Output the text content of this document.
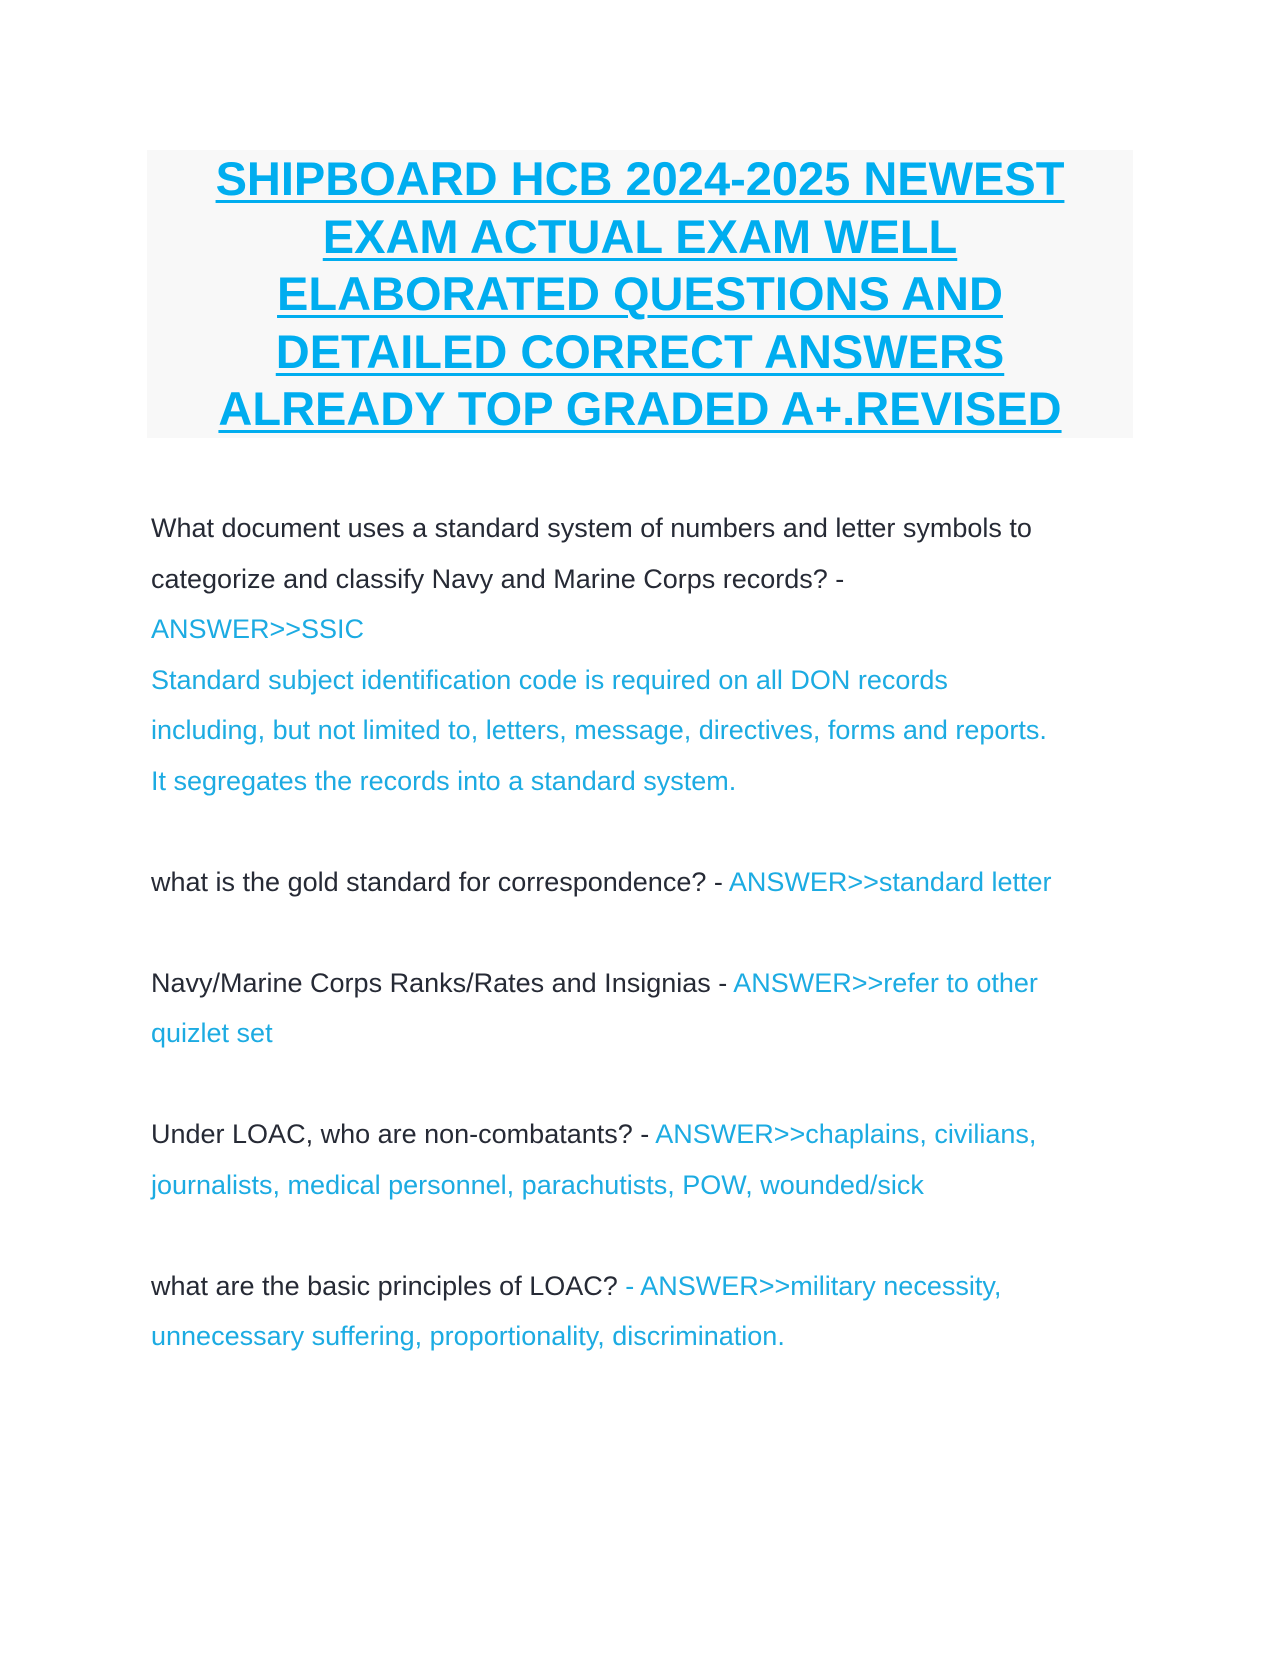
SHIPBOARD HCB 2024-2025 NEWEST
EXAM ACTUAL EXAM WELL
ELABORATED QUESTIONS AND
DETAILED CORRECT ANSWERS
ALREADY TOP GRADED A+.REVISED
What document uses a standard system of numbers and letter symbols to
categorize and classify Navy and Marine Corps records? -
ANSWER>>SSIC
Standard subject identification code is required on all DON records
including, but not limited to, letters, message, directives, forms and reports.
It segregates the records into a standard system.
what is the gold standard for correspondence? - ANSWER>>standard letter
Navy/Marine Corps Ranks/Rates and Insignias - ANSWER>>refer to other
quizlet set
Under LOAC, who are non-combatants? - ANSWER>>chaplains, civilians,
journalists, medical personnel, parachutists, POW, wounded/sick
what are the basic principles of LOAC? - ANSWER>>military necessity,
unnecessary suffering, proportionality, discrimination.
